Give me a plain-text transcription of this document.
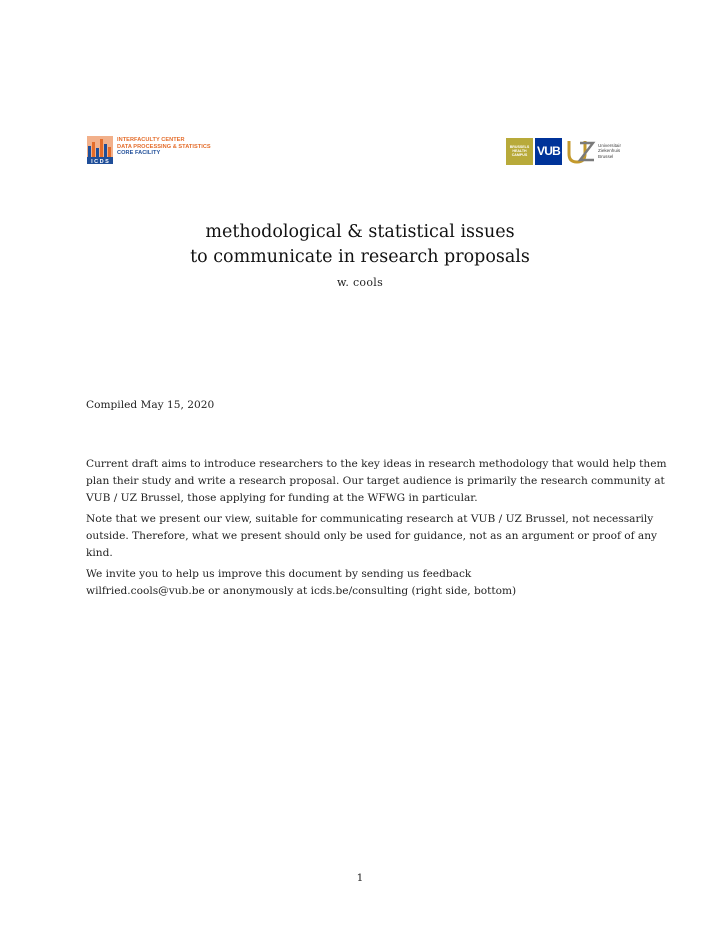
I C D S
INTERFACULTY CENTER
DATA PROCESSING & STATISTICS
CORE FACILITY
BRUSSELS
HEALTH
CAMPUS VUB	Universitair
Ziekenhuis
Brussel
methodological & statistical issues
to communicate in research proposals
w. cools
Compiled May 15, 2020

Current draft aims to introduce researchers to the key ideas in research methodology that would help them
plan their study and write a research proposal. Our target audience is primarily the research community at
VUB / UZ Brussel, those applying for funding at the WFWG in particular.

Note that we present our view, suitable for communicating research at VUB / UZ Brussel, not necessarily
outside. Therefore, what we present should only be used for guidance, not as an argument or proof of any
kind.

We invite you to help us improve this document by sending us feedback
wilfried.cools@vub.be or anonymously at icds.be/consulting (right side, bottom)

1
